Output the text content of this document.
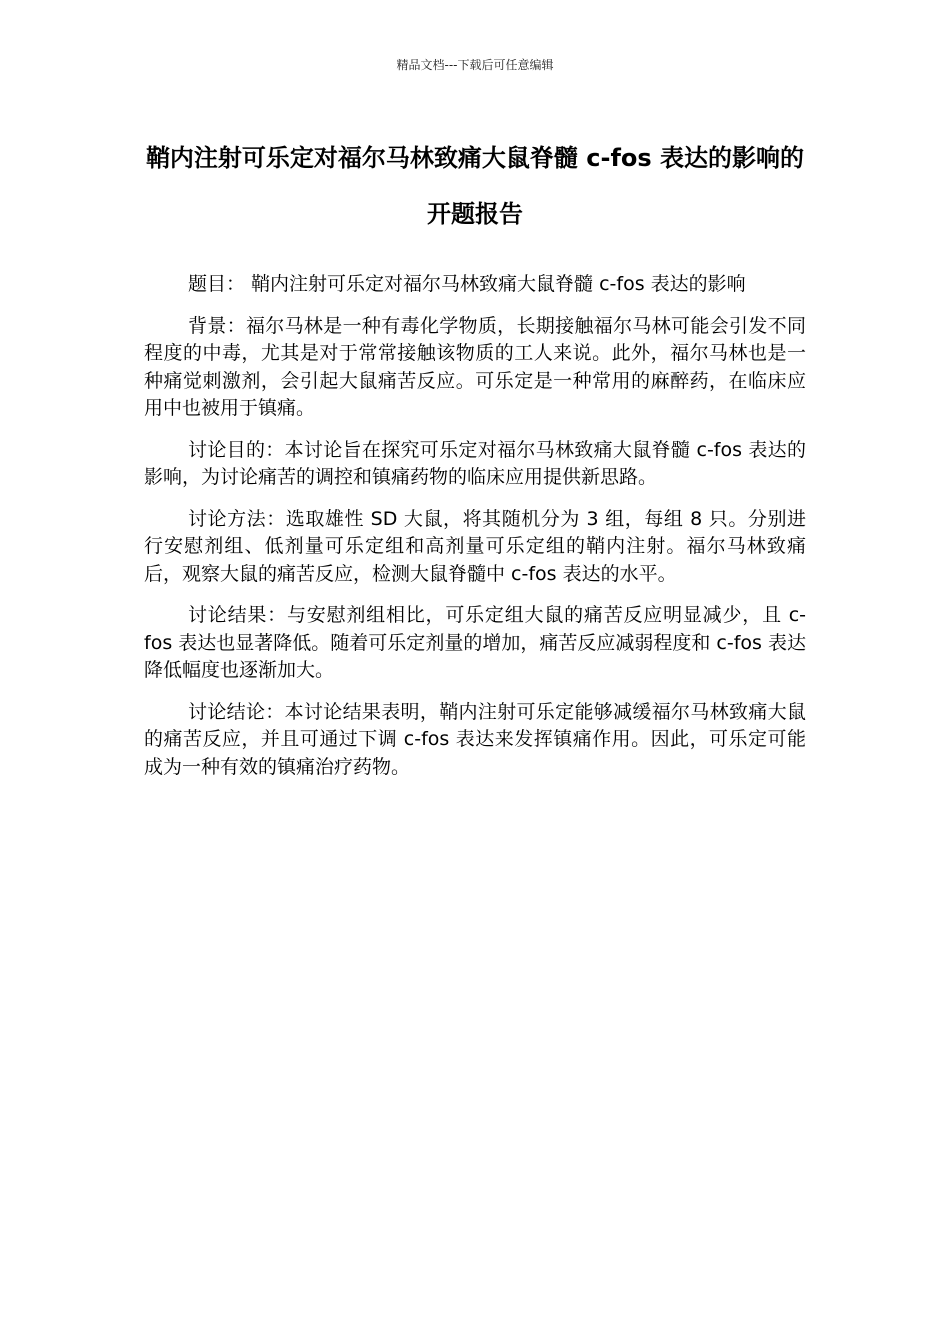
精品文档---下载后可任意编辑
鞘内注射可乐定对福尔马林致痛大鼠脊髓 c-fos 表达的影响的开题报告

题目： 鞘内注射可乐定对福尔马林致痛大鼠脊髓 c-fos 表达的影响

背景：福尔马林是一种有毒化学物质，长期接触福尔马林可能会引发不同程度的中毒，尤其是对于常常接触该物质的工人来说。此外，福尔马林也是一种痛觉刺激剂，会引起大鼠痛苦反应。可乐定是一种常用的麻醉药，在临床应用中也被用于镇痛。

讨论目的：本讨论旨在探究可乐定对福尔马林致痛大鼠脊髓 c-fos 表达的影响，为讨论痛苦的调控和镇痛药物的临床应用提供新思路。

讨论方法：选取雄性 SD 大鼠，将其随机分为 3 组，每组 8 只。分别进行安慰剂组、低剂量可乐定组和高剂量可乐定组的鞘内注射。福尔马林致痛后，观察大鼠的痛苦反应，检测大鼠脊髓中 c-fos 表达的水平。

讨论结果：与安慰剂组相比，可乐定组大鼠的痛苦反应明显减少，且 c-fos 表达也显著降低。随着可乐定剂量的增加，痛苦反应减弱程度和 c-fos 表达降低幅度也逐渐加大。

讨论结论：本讨论结果表明，鞘内注射可乐定能够减缓福尔马林致痛大鼠的痛苦反应，并且可通过下调 c-fos 表达来发挥镇痛作用。因此，可乐定可能成为一种有效的镇痛治疗药物。
